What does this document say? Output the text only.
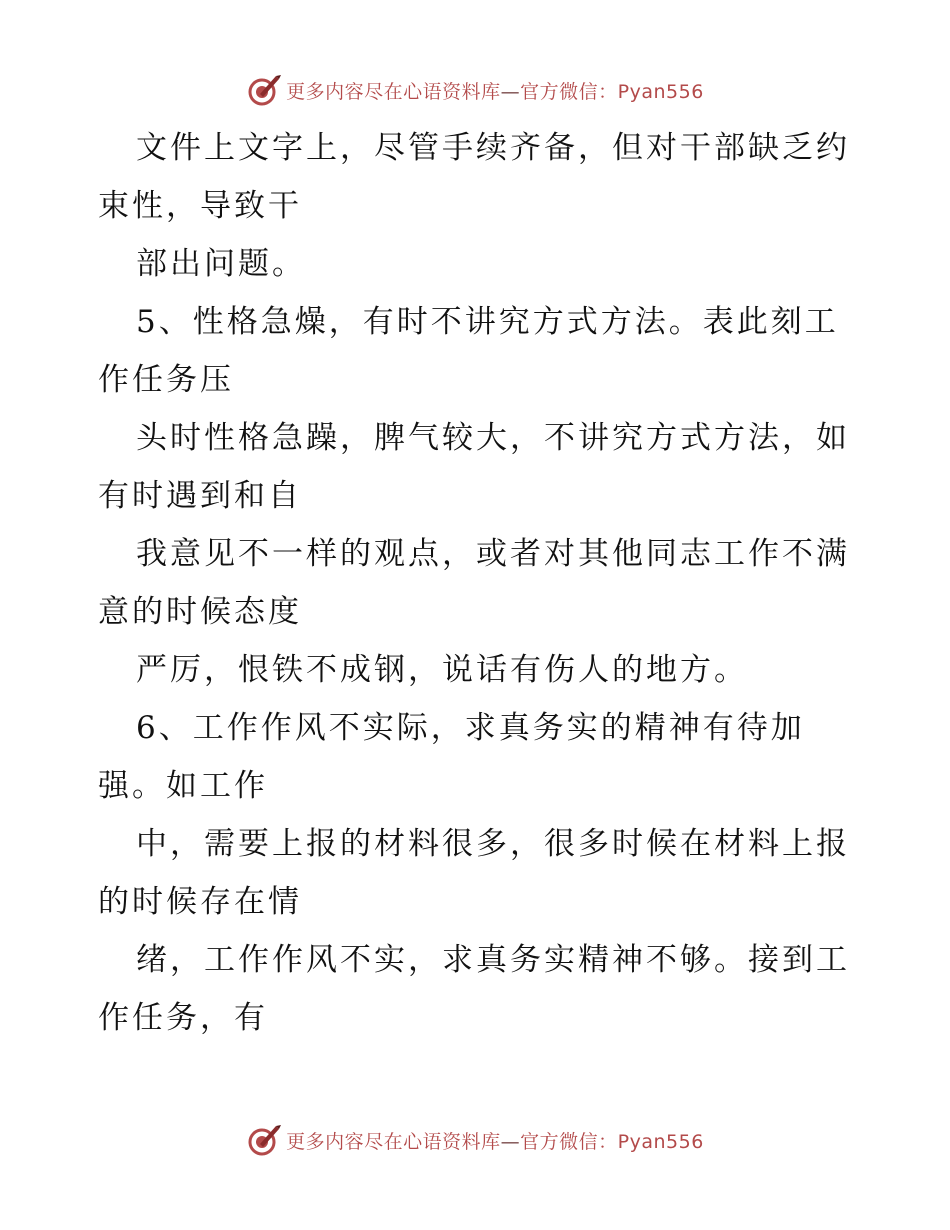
更多内容尽在心语资料库—官方微信：Pyan556
文件上文字上，尽管手续齐备，但对干部缺乏约
束性，导致干
部出问题。
5、性格急燥，有时不讲究方式方法。表此刻工
作任务压
头时性格急躁，脾气较大，不讲究方式方法，如
有时遇到和自
我意见不一样的观点，或者对其他同志工作不满
意的时候态度
严厉，恨铁不成钢，说话有伤人的地方。
6、工作作风不实际，求真务实的精神有待加
强。如工作
中，需要上报的材料很多，很多时候在材料上报
的时候存在情
绪，工作作风不实，求真务实精神不够。接到工
作任务，有
更多内容尽在心语资料库—官方微信：Pyan556
